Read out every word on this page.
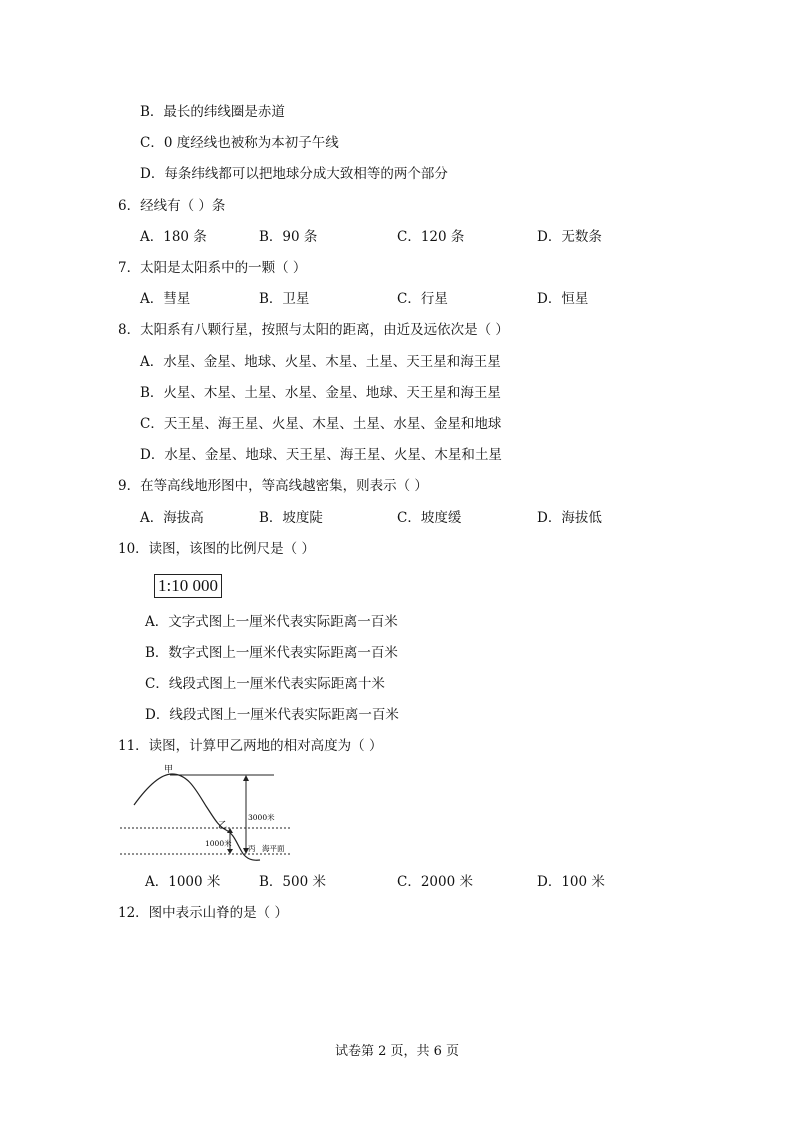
B．最长的纬线圈是赤道
C．0 度经线也被称为本初子午线
D．每条纬线都可以把地球分成大致相等的两个部分
6．经线有（ ）条
A．180 条	B．90 条	C．120 条	D．无数条
7．太阳是太阳系中的一颗（ ）
A．彗星	B．卫星	C．行星	D．恒星
8．太阳系有八颗行星，按照与太阳的距离，由近及远依次是（ ）
A．水星、金星、地球、火星、木星、土星、天王星和海王星
B．火星、木星、土星、水星、金星、地球、天王星和海王星
C．天王星、海王星、火星、木星、土星、水星、金星和地球
D．水星、金星、地球、天王星、海王星、火星、木星和土星
9．在等高线地形图中，等高线越密集，则表示（ ）
A．海拔高	B．坡度陡	C．坡度缓	D．海拔低
10．读图，该图的比例尺是（ ）
1:10 000
A．文字式图上一厘米代表实际距离一百米
B．数字式图上一厘米代表实际距离一百米
C．线段式图上一厘米代表实际距离十米
D．线段式图上一厘米代表实际距离一百米
11．读图，计算甲乙两地的相对高度为（ ）
甲
乙
3000米
1000米
丙 海平面
A．1000 米	B．500 米	C．2000 米	D．100 米
12．图中表示山脊的是（ ）
试卷第 2 页，共 6 页
